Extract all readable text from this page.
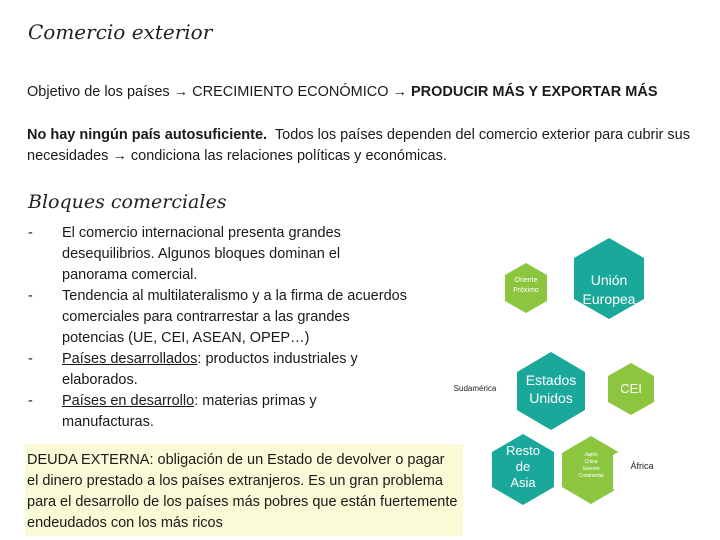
Comercio exterior
Objetivo de los países → CRECIMIENTO ECONÓMICO → PRODUCIR MÁS Y EXPORTAR MÁS
No hay ningún país autosuficiente. Todos los países dependen del comercio exterior para cubrir sus necesidades → condiciona las relaciones políticas y económicas.
Bloques comerciales
-	El comercio internacional presenta grandes desequilibrios. Algunos bloques dominan el panorama comercial.
-	Tendencia al multilateralismo y a la firma de acuerdos comerciales para contrarrestar a las grandes potencias (UE, CEI, ASEAN, OPEP…)
-	Países desarrollados: productos industriales y elaborados.
-	Países en desarrollo: materias primas y manufacturas.
DEUDA EXTERNA: obligación de un Estado de devolver o pagar el dinero prestado a los países extranjeros. Es un gran problema para el desarrollo de los países más pobres que están fuertemente endeudados con los más ricos
Oriente
Próximo
Unión
Europea
Sudamérica
Estados
Unidos
CEI
Resto
de
Asia
Japón
China
Sureste
Continental
África
